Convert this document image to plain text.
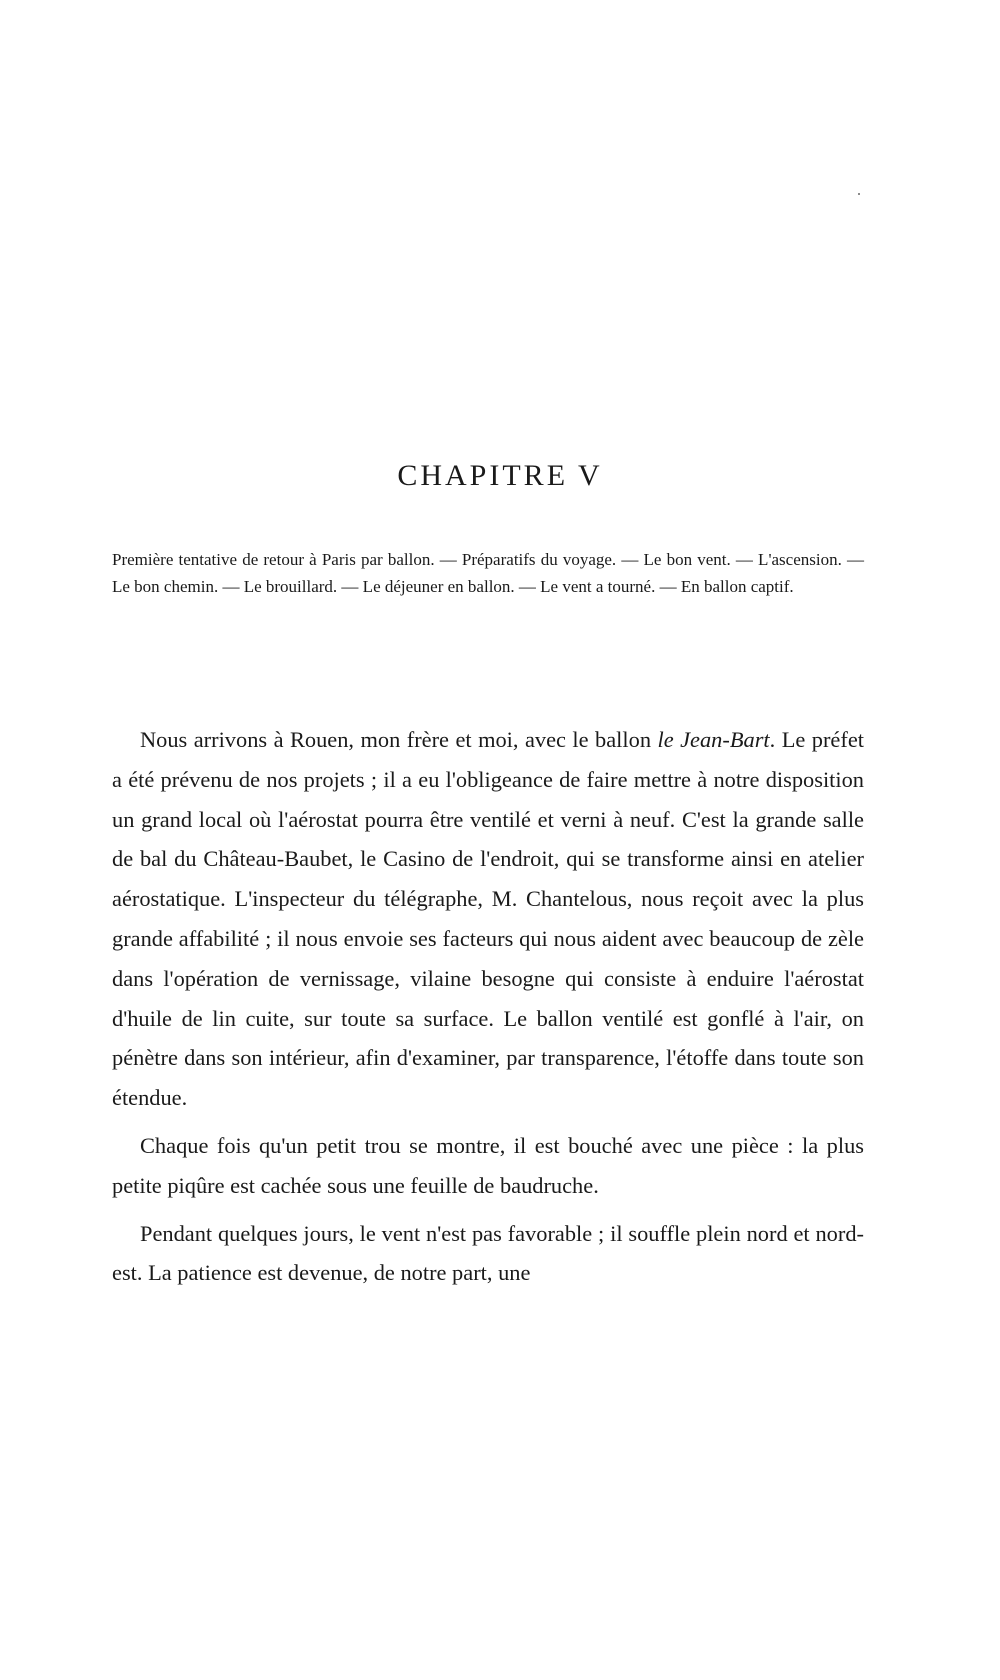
CHAPITRE V
Première tentative de retour à Paris par ballon. — Préparatifs du voyage. — Le bon vent. — L'ascension. — Le bon chemin. — Le brouillard. — Le déjeuner en ballon. — Le vent a tourné. — En ballon captif.

Nous arrivons à Rouen, mon frère et moi, avec le ballon le Jean-Bart. Le préfet a été prévenu de nos projets ; il a eu l'obligeance de faire mettre à notre disposition un grand local où l'aérostat pourra être ventilé et verni à neuf. C'est la grande salle de bal du Château-Baubet, le Casino de l'endroit, qui se transforme ainsi en atelier aérostatique. L'inspecteur du télégraphe, M. Chantelous, nous reçoit avec la plus grande affabilité ; il nous envoie ses facteurs qui nous aident avec beaucoup de zèle dans l'opération de vernissage, vilaine besogne qui consiste à enduire l'aérostat d'huile de lin cuite, sur toute sa surface. Le ballon ventilé est gonflé à l'air, on pénètre dans son intérieur, afin d'examiner, par transparence, l'étoffe dans toute son étendue.

Chaque fois qu'un petit trou se montre, il est bouché avec une pièce : la plus petite piqûre est cachée sous une feuille de baudruche.

Pendant quelques jours, le vent n'est pas favorable ; il souffle plein nord et nord-est. La patience est devenue, de notre part, une
